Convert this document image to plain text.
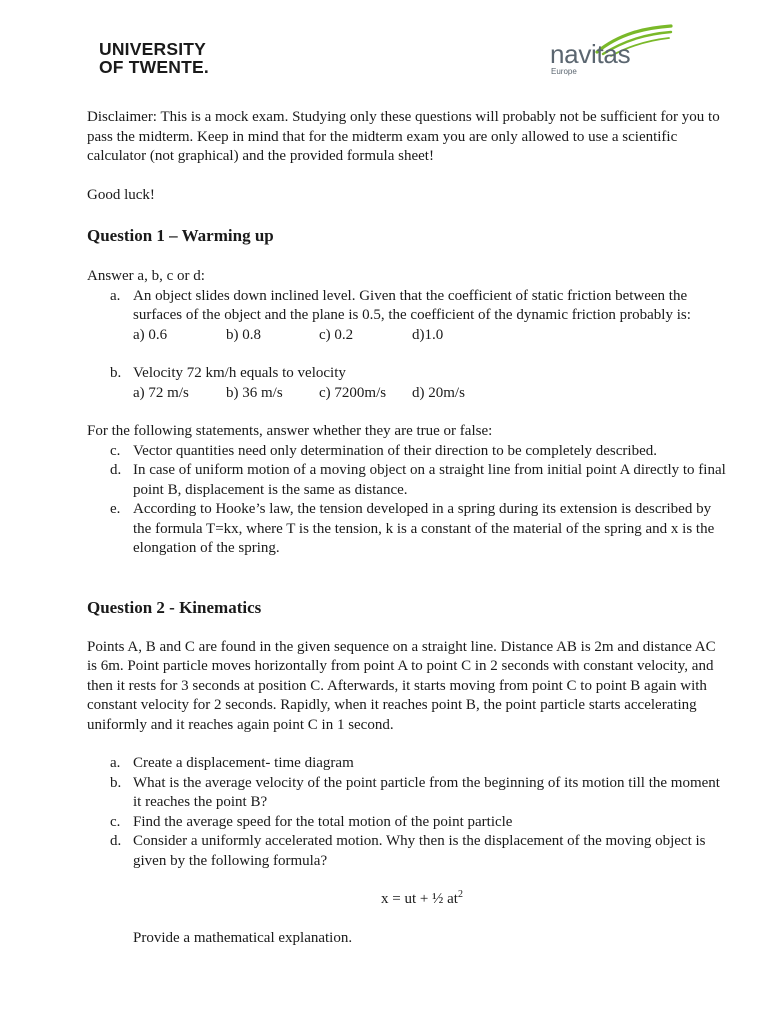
UNIVERSITY
OF TWENTE.	navitas
Europe

Disclaimer: This is a mock exam. Studying only these questions will probably not be sufficient for you to pass the midterm. Keep in mind that for the midterm exam you are only allowed to use a scientific calculator (not graphical) and the provided formula sheet!

Good luck!

Question 1 – Warming up

Answer a, b, c or d:

a. An object slides down inclined level. Given that the coefficient of static friction between the surfaces of the object and the plane is 0.5, the coefficient of the dynamic friction probably is:
a) 0.6	b) 0.8	c) 0.2	d)1.0
b. Velocity 72 km/h equals to velocity
a) 72 m/s	b) 36 m/s	c) 7200m/s	d) 20m/s

For the following statements, answer whether they are true or false:

c. Vector quantities need only determination of their direction to be completely described.
d. In case of uniform motion of a moving object on a straight line from initial point A directly to final point B, displacement is the same as distance.
e. According to Hooke’s law, the tension developed in a spring during its extension is described by the formula T=kx, where T is the tension, k is a constant of the material of the spring and x is the elongation of the spring.
Question 2 - Kinematics

Points A, B and C are found in the given sequence on a straight line. Distance AB is 2m and distance AC is 6m. Point particle moves horizontally from point A to point C in 2 seconds with constant velocity, and then it rests for 3 seconds at position C. Afterwards, it starts moving from point C to point B again with constant velocity for 2 seconds. Rapidly, when it reaches point B, the point particle starts accelerating uniformly and it reaches again point C in 1 second.

a. Create a displacement- time diagram
b. What is the average velocity of the point particle from the beginning of its motion till the moment it reaches the point B?
c. Find the average speed for the total motion of the point particle
d. Consider a uniformly accelerated motion. Why then is the displacement of the moving object is given by the following formula?

x = ut + ½ $at^2$

Provide a mathematical explanation.
